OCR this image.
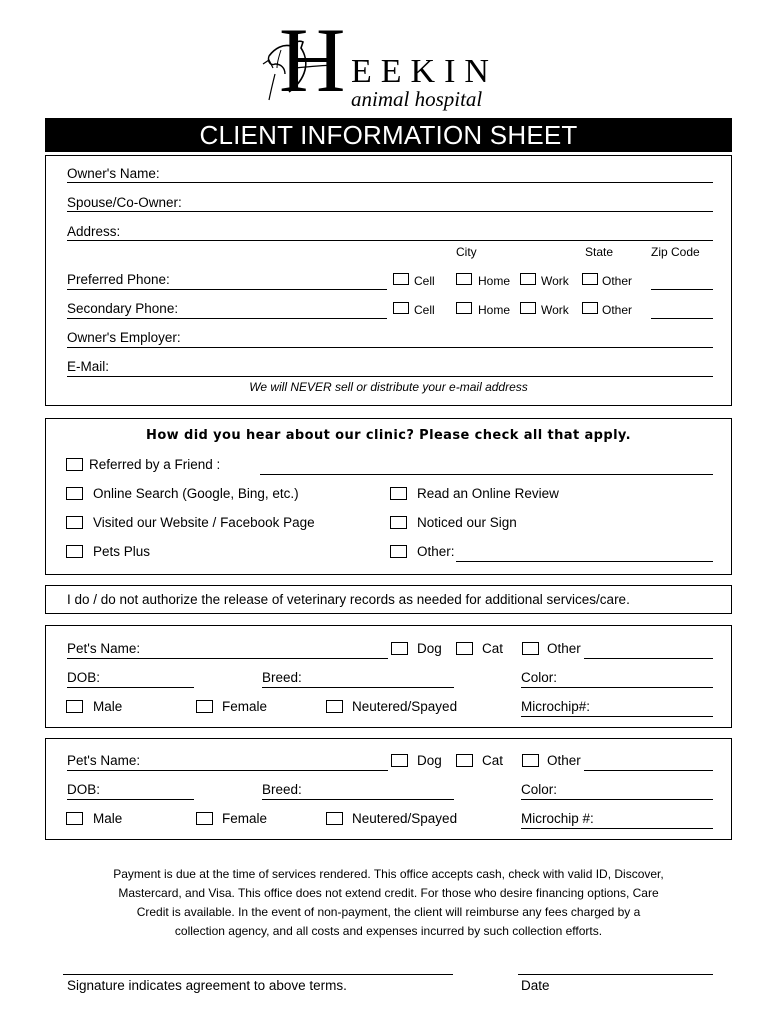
H EEKIN
animal hospital
CLIENT INFORMATION SHEET
Owner's Name:
Spouse/Co-Owner:
Address:
City	State	Zip Code
Preferred Phone:	Cell	Home	Work	Other
Secondary Phone:	Cell	Home	Work	Other
Owner's Employer:
E-Mail:
We will NEVER sell or distribute your e-mail address
How did you hear about our clinic? Please check all that apply.
Referred by a Friend :
Online Search (Google, Bing, etc.)	Read an Online Review
Visited our Website / Facebook Page	Noticed our Sign
Pets Plus	Other:
I do / do not authorize the release of veterinary records as needed for additional services/care.
Pet's Name:	Dog	Cat	Other
DOB:	Breed:	Color:
Male	Female	Neutered/Spayed	Microchip#:
Pet's Name:	Dog	Cat	Other
DOB:	Breed:	Color:
Male	Female	Neutered/Spayed	Microchip #:
Payment is due at the time of services rendered. This office accepts cash, check with valid ID, Discover,
Mastercard, and Visa. This office does not extend credit. For those who desire financing options, Care
Credit is available. In the event of non-payment, the client will reimburse any fees charged by a
collection agency, and all costs and expenses incurred by such collection efforts.
Signature indicates agreement to above terms.	Date
